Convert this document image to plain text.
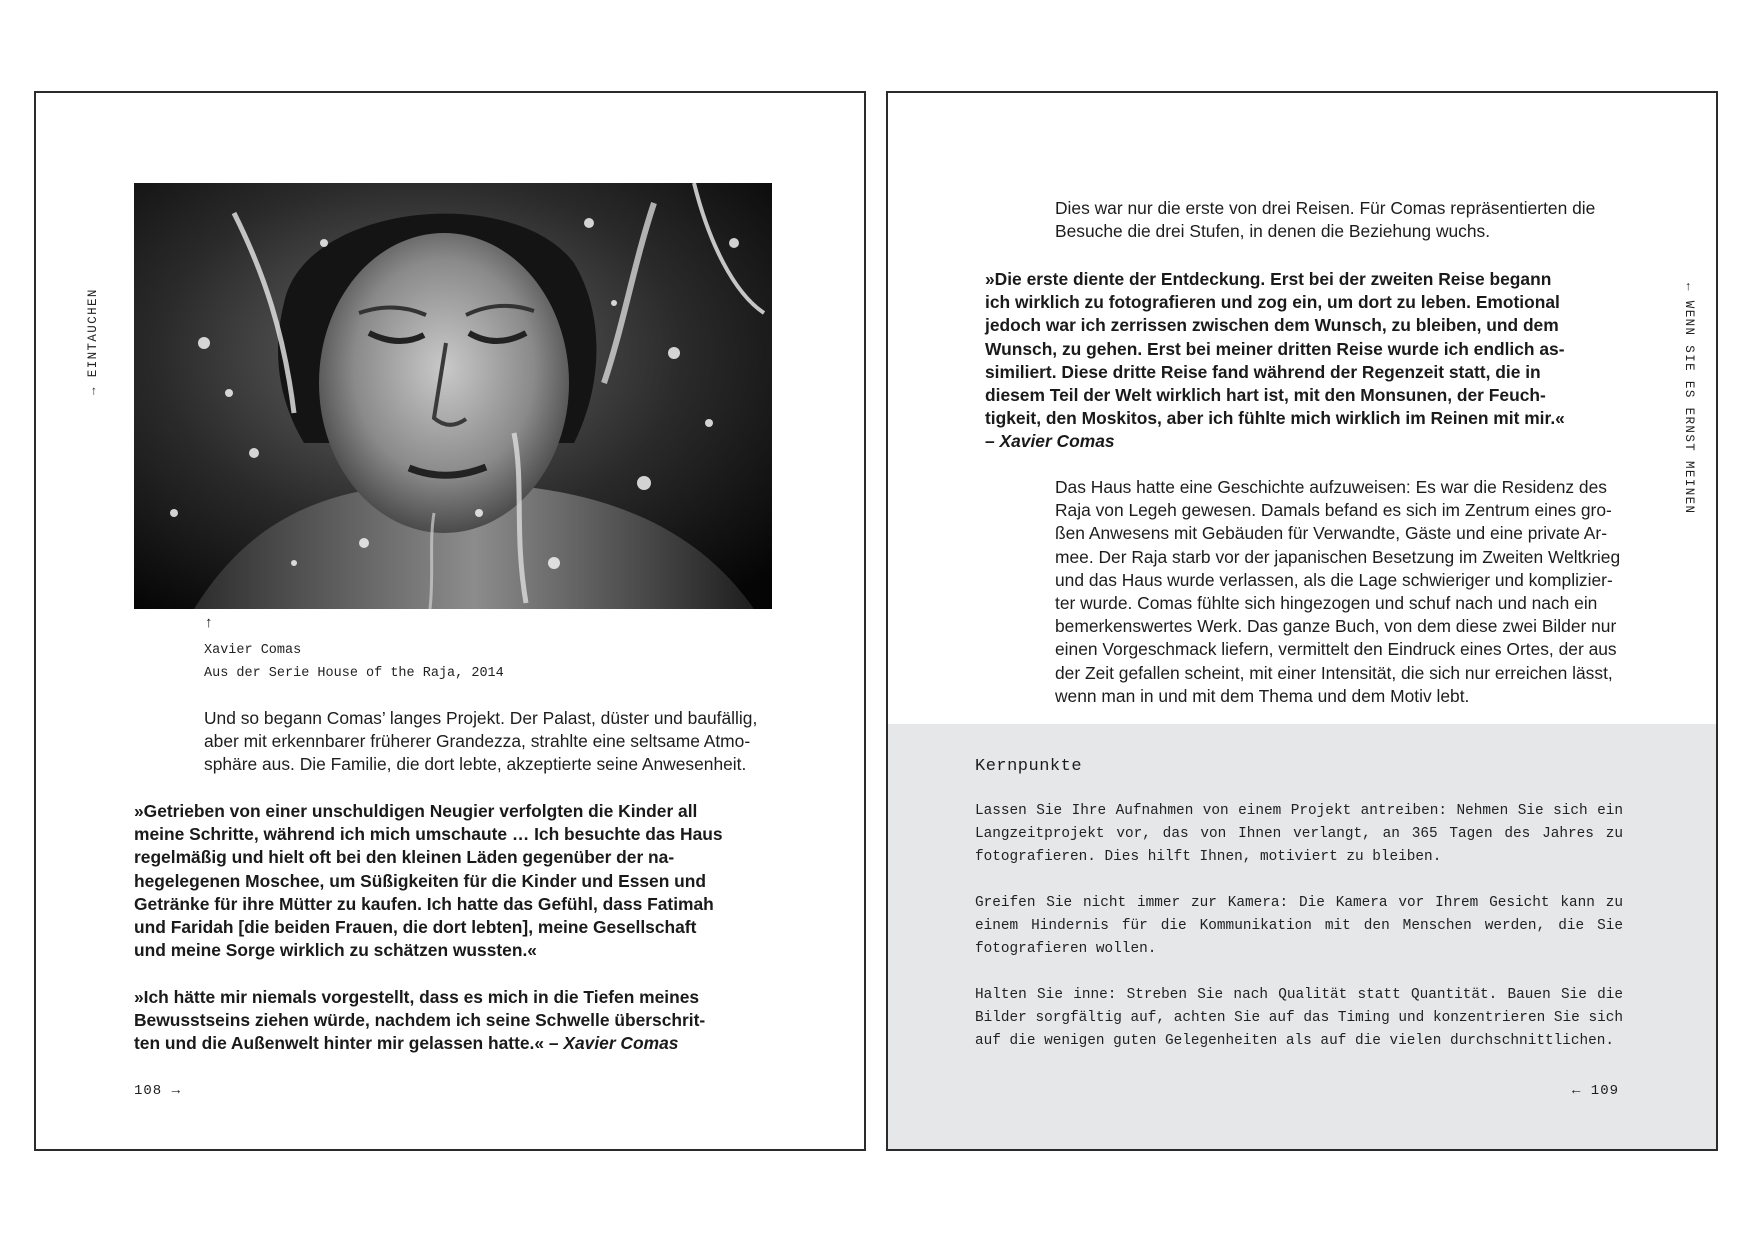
→ EINTAUCHEN
↑
Xavier Comas
Aus der Serie House of the Raja, 2014
Und so begann Comas’ langes Projekt. Der Palast, düster und baufällig,
aber mit erkennbarer früherer Grandezza, strahlte eine seltsame Atmo-
sphäre aus. Die Familie, die dort lebte, akzeptierte seine Anwesenheit.
»Getrieben von einer unschuldigen Neugier verfolgten die Kinder all
meine Schritte, während ich mich umschaute … Ich besuchte das Haus
regelmäßig und hielt oft bei den kleinen Läden gegenüber der na-
hegelegenen Moschee, um Süßigkeiten für die Kinder und Essen und
Getränke für ihre Mütter zu kaufen. Ich hatte das Gefühl, dass Fatimah
und Faridah [die beiden Frauen, die dort lebten], meine Gesellschaft
und meine Sorge wirklich zu schätzen wussten.«
»Ich hätte mir niemals vorgestellt, dass es mich in die Tiefen meines
Bewusstseins ziehen würde, nachdem ich seine Schwelle überschrit-
ten und die Außenwelt hinter mir gelassen hatte.« – Xavier Comas
108 →
← WENN SIE ES ERNST MEINEN
Dies war nur die erste von drei Reisen. Für Comas repräsentierten die
Besuche die drei Stufen, in denen die Beziehung wuchs.
»Die erste diente der Entdeckung. Erst bei der zweiten Reise begann
ich wirklich zu fotografieren und zog ein, um dort zu leben. Emotional
jedoch war ich zerrissen zwischen dem Wunsch, zu bleiben, und dem
Wunsch, zu gehen. Erst bei meiner dritten Reise wurde ich endlich as-
similiert. Diese dritte Reise fand während der Regenzeit statt, die in
diesem Teil der Welt wirklich hart ist, mit den Monsunen, der Feuch-
tigkeit, den Moskitos, aber ich fühlte mich wirklich im Reinen mit mir.«
– Xavier Comas
Das Haus hatte eine Geschichte aufzuweisen: Es war die Residenz des
Raja von Legeh gewesen. Damals befand es sich im Zentrum eines gro-
ßen Anwesens mit Gebäuden für Verwandte, Gäste und eine private Ar-
mee. Der Raja starb vor der japanischen Besetzung im Zweiten Weltkrieg
und das Haus wurde verlassen, als die Lage schwieriger und komplizier-
ter wurde. Comas fühlte sich hingezogen und schuf nach und nach ein
bemerkenswertes Werk. Das ganze Buch, von dem diese zwei Bilder nur
einen Vorgeschmack liefern, vermittelt den Eindruck eines Ortes, der aus
der Zeit gefallen scheint, mit einer Intensität, die sich nur erreichen lässt,
wenn man in und mit dem Thema und dem Motiv lebt.
Kernpunkte
Lassen Sie Ihre Aufnahmen von einem Projekt antreiben: Nehmen Sie sich ein Langzeitprojekt vor, das von Ihnen verlangt, an 365 Tagen des Jahres zu fotografieren. Dies hilft Ihnen, motiviert zu bleiben.
Greifen Sie nicht immer zur Kamera: Die Kamera vor Ihrem Gesicht kann zu einem Hindernis für die Kommunikation mit den Menschen werden, die Sie fotografieren wollen.
Halten Sie inne: Streben Sie nach Qualität statt Quantität. Bauen Sie die Bilder sorgfältig auf, achten Sie auf das Timing und konzentrieren Sie sich auf die wenigen guten Gelegenheiten als auf die vielen durchschnittlichen.
← 109
